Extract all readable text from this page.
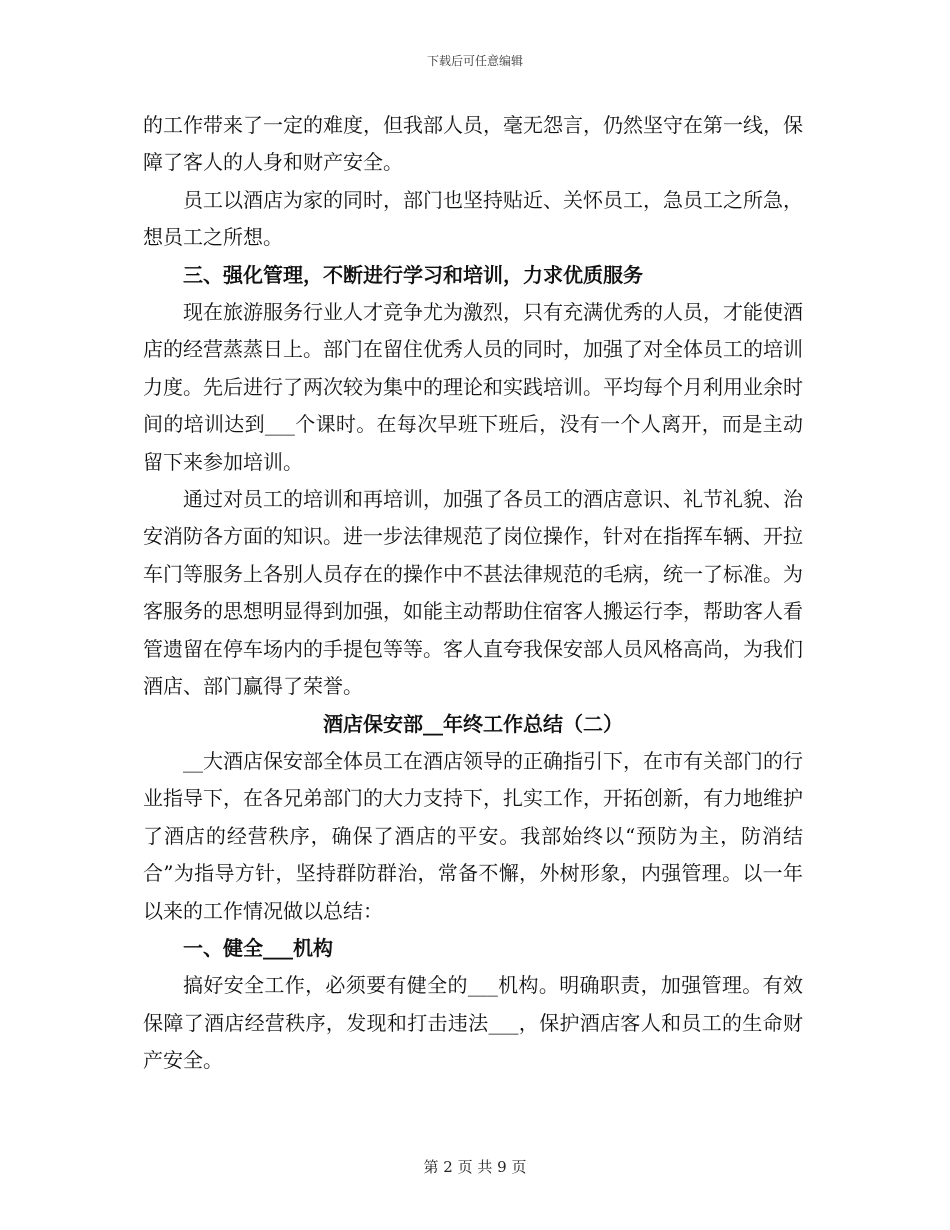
下载后可任意编辑

的工作带来了一定的难度，但我部人员，毫无怨言，仍然坚守在第一线，保障了客人的人身和财产安全。

员工以酒店为家的同时，部门也坚持贴近、关怀员工，急员工之所急，想员工之所想。

三、强化管理，不断进行学习和培训，力求优质服务

现在旅游服务行业人才竞争尤为激烈，只有充满优秀的人员，才能使酒店的经营蒸蒸日上。部门在留住优秀人员的同时，加强了对全体员工的培训力度。先后进行了两次较为集中的理论和实践培训。平均每个月利用业余时间的培训达到___个课时。在每次早班下班后，没有一个人离开，而是主动留下来参加培训。

通过对员工的培训和再培训，加强了各员工的酒店意识、礼节礼貌、治安消防各方面的知识。进一步法律规范了岗位操作，针对在指挥车辆、开拉车门等服务上各别人员存在的操作中不甚法律规范的毛病，统一了标准。为客服务的思想明显得到加强，如能主动帮助住宿客人搬运行李，帮助客人看管遗留在停车场内的手提包等等。客人直夸我保安部人员风格高尚，为我们酒店、部门赢得了荣誉。

酒店保安部__年终工作总结（二）

__大酒店保安部全体员工在酒店领导的正确指引下，在市有关部门的行业指导下，在各兄弟部门的大力支持下，扎实工作，开拓创新，有力地维护了酒店的经营秩序，确保了酒店的平安。我部始终以“预防为主，防消结合”为指导方针，坚持群防群治，常备不懈，外树形象，内强管理。以一年以来的工作情况做以总结：

一、健全___机构

搞好安全工作，必须要有健全的___机构。明确职责，加强管理。有效保障了酒店经营秩序，发现和打击违法___，保护酒店客人和员工的生命财产安全。

第 2 页 共 9 页
